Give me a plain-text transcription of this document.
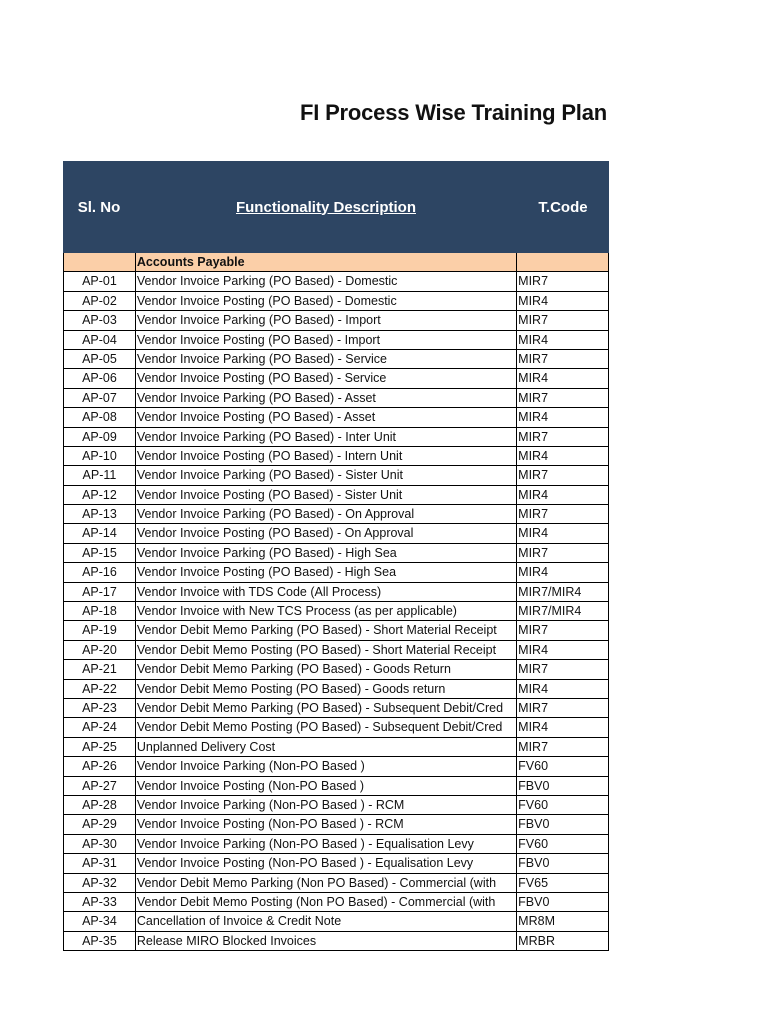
FI Process Wise Training Plan
Sl. No	Functionality Description	T.Code
Accounts Payable
AP-01	Vendor Invoice Parking (PO Based) - Domestic	MIR7
AP-02	Vendor Invoice Posting (PO Based) - Domestic	MIR4
AP-03	Vendor Invoice Parking (PO Based) - Import	MIR7
AP-04	Vendor Invoice Posting (PO Based) - Import	MIR4
AP-05	Vendor Invoice Parking (PO Based) - Service	MIR7
AP-06	Vendor Invoice Posting (PO Based) - Service	MIR4
AP-07	Vendor Invoice Parking (PO Based) - Asset	MIR7
AP-08	Vendor Invoice Posting (PO Based) - Asset	MIR4
AP-09	Vendor Invoice Parking (PO Based) - Inter Unit	MIR7
AP-10	Vendor Invoice Posting (PO Based) - Intern Unit	MIR4
AP-11	Vendor Invoice Parking (PO Based) - Sister Unit	MIR7
AP-12	Vendor Invoice Posting (PO Based) - Sister Unit	MIR4
AP-13	Vendor Invoice Parking (PO Based) - On Approval	MIR7
AP-14	Vendor Invoice Posting (PO Based) - On Approval	MIR4
AP-15	Vendor Invoice Parking (PO Based) - High Sea	MIR7
AP-16	Vendor Invoice Posting (PO Based) - High Sea	MIR4
AP-17	Vendor Invoice with TDS Code (All Process)	MIR7/MIR4
AP-18	Vendor Invoice with New TCS Process (as per applicable)	MIR7/MIR4
AP-19	Vendor Debit Memo Parking (PO Based) - Short Material Receipt	MIR7
AP-20	Vendor Debit Memo Posting (PO Based) - Short Material Receipt	MIR4
AP-21	Vendor Debit Memo Parking (PO Based) - Goods Return	MIR7
AP-22	Vendor Debit Memo Posting (PO Based) - Goods return	MIR4
AP-23	Vendor Debit Memo Parking (PO Based) - Subsequent Debit/Cred	MIR7
AP-24	Vendor Debit Memo Posting (PO Based) - Subsequent Debit/Cred	MIR4
AP-25	Unplanned Delivery Cost	MIR7
AP-26	Vendor Invoice Parking (Non-PO Based )	FV60
AP-27	Vendor Invoice Posting (Non-PO Based )	FBV0
AP-28	Vendor Invoice Parking (Non-PO Based ) - RCM	FV60
AP-29	Vendor Invoice Posting (Non-PO Based ) - RCM	FBV0
AP-30	Vendor Invoice Parking (Non-PO Based ) - Equalisation Levy	FV60
AP-31	Vendor Invoice Posting (Non-PO Based ) - Equalisation Levy	FBV0
AP-32	Vendor Debit Memo Parking (Non PO Based) - Commercial (with	FV65
AP-33	Vendor Debit Memo Posting (Non PO Based) - Commercial (with	FBV0
AP-34	Cancellation of Invoice & Credit Note	MR8M
AP-35	Release MIRO Blocked Invoices	MRBR
